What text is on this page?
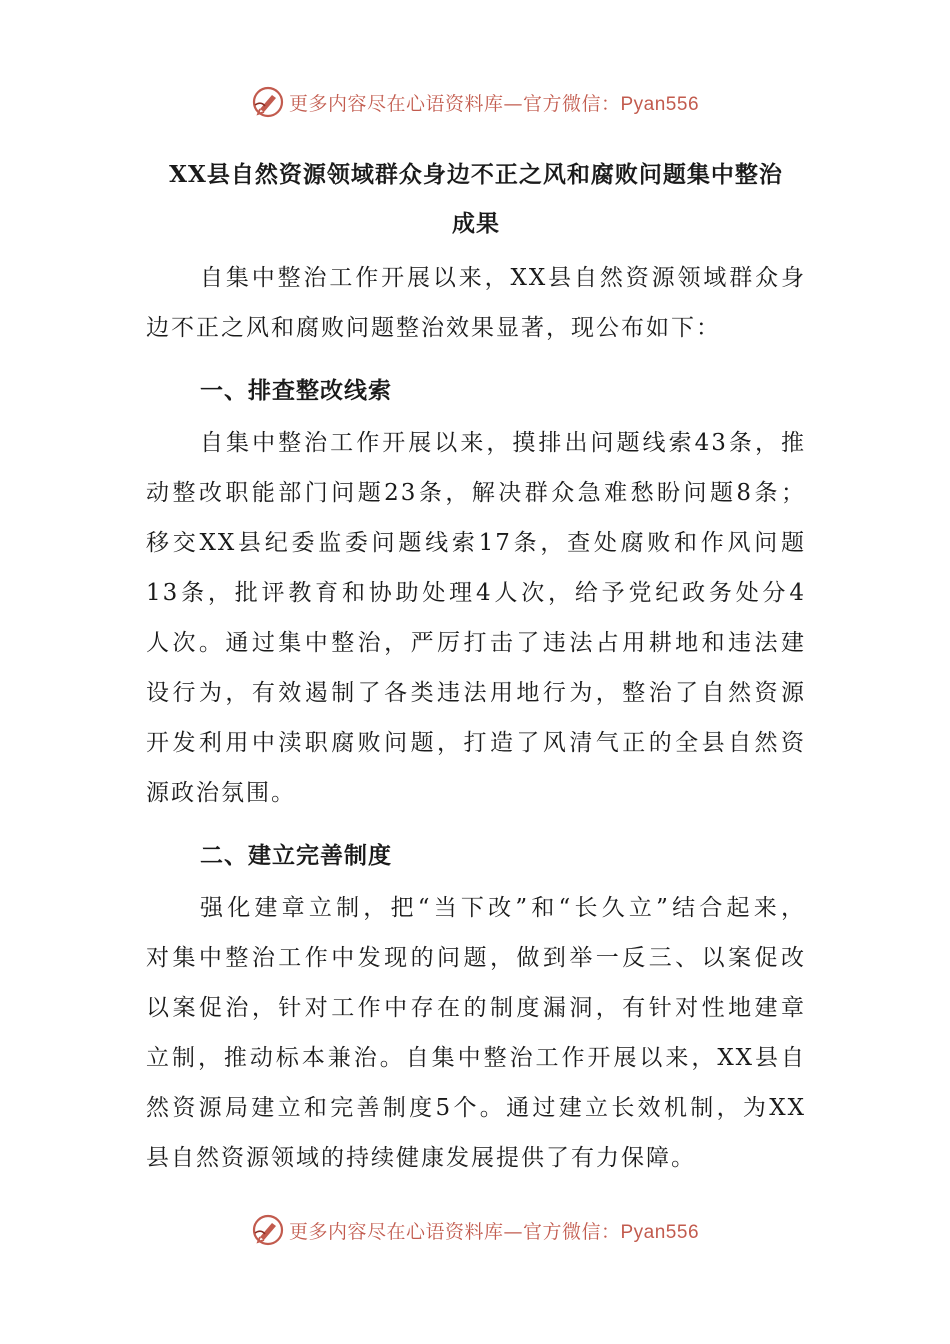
更多内容尽在心语资料库—官方微信：Pyan556
XX县自然资源领域群众身边不正之风和腐败问题集中整治
成果
自集中整治工作开展以来，XX县自然资源领域群众身
边不正之风和腐败问题整治效果显著，现公布如下：
一、排查整改线索
自集中整治工作开展以来，摸排出问题线索43条，推
动整改职能部门问题23条，解决群众急难愁盼问题8条；
移交XX县纪委监委问题线索17条，查处腐败和作风问题
13条，批评教育和协助处理4人次，给予党纪政务处分4
人次。通过集中整治，严厉打击了违法占用耕地和违法建
设行为，有效遏制了各类违法用地行为，整治了自然资源
开发利用中渎职腐败问题，打造了风清气正的全县自然资
源政治氛围。
二、建立完善制度
强化建章立制，把“当下改”和“长久立”结合起来，
对集中整治工作中发现的问题，做到举一反三、以案促改
以案促治，针对工作中存在的制度漏洞，有针对性地建章
立制，推动标本兼治。自集中整治工作开展以来，XX县自
然资源局建立和完善制度5个。通过建立长效机制，为XX
县自然资源领域的持续健康发展提供了有力保障。
更多内容尽在心语资料库—官方微信：Pyan556
